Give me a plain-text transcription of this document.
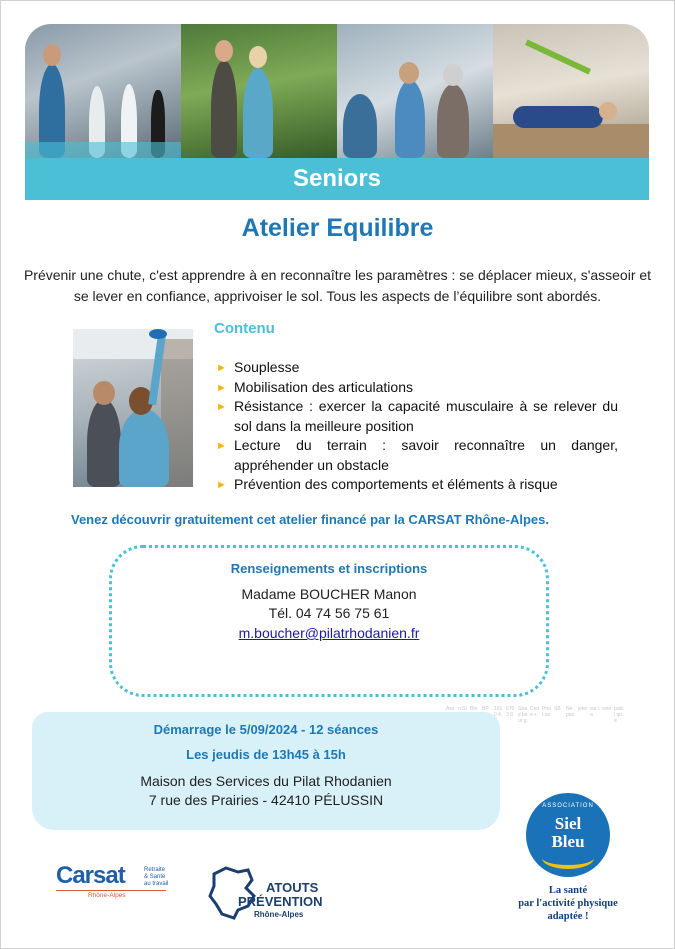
Seniors
Atelier Equilibre
Prévenir une chute, c'est apprendre à en reconnaître les paramètres : se déplacer mieux, s'asseoir et se lever en confiance, apprivoiser le sol. Tous les aspects de l’équilibre sont abordés.
Contenu
► Souplesse
► Mobilisation des articulations
► Résistance : exercer la capacité musculaire à se relever du sol dans la meilleure position
► Lecture du terrain : savoir reconnaître un danger, appréhender un obstacle
► Prévention des comportements et éléments à risque
Venez découvrir gratuitement cet atelier financé par la CARSAT Rhône-Alpes.
Renseignements et inscriptions
Madame BOUCHER Manon
Tél. 04 74 56 75 61
m.boucher@pilatrhodanien.fr
Ass n Si Ble BP	1810 4,
6703 8
Stras bour g
Cede x
Phot os:
SB	Ne pas
jeter sur la
voie publi que
Démarrage le 5/09/2024 - 12 séances
Les jeudis de 13h45 à 15h
Maison des Services du Pilat Rhodanien
7 rue des Prairies - 42410 PÉLUSSIN	ASSOCIATION
Siel
Bleu
La santé
par l'activité physique
adaptée !
Carsat	Retraite
& Santé
au travail
Rhône-Alpes
ATOUTS
PRÉVENTION
Rhône-Alpes
